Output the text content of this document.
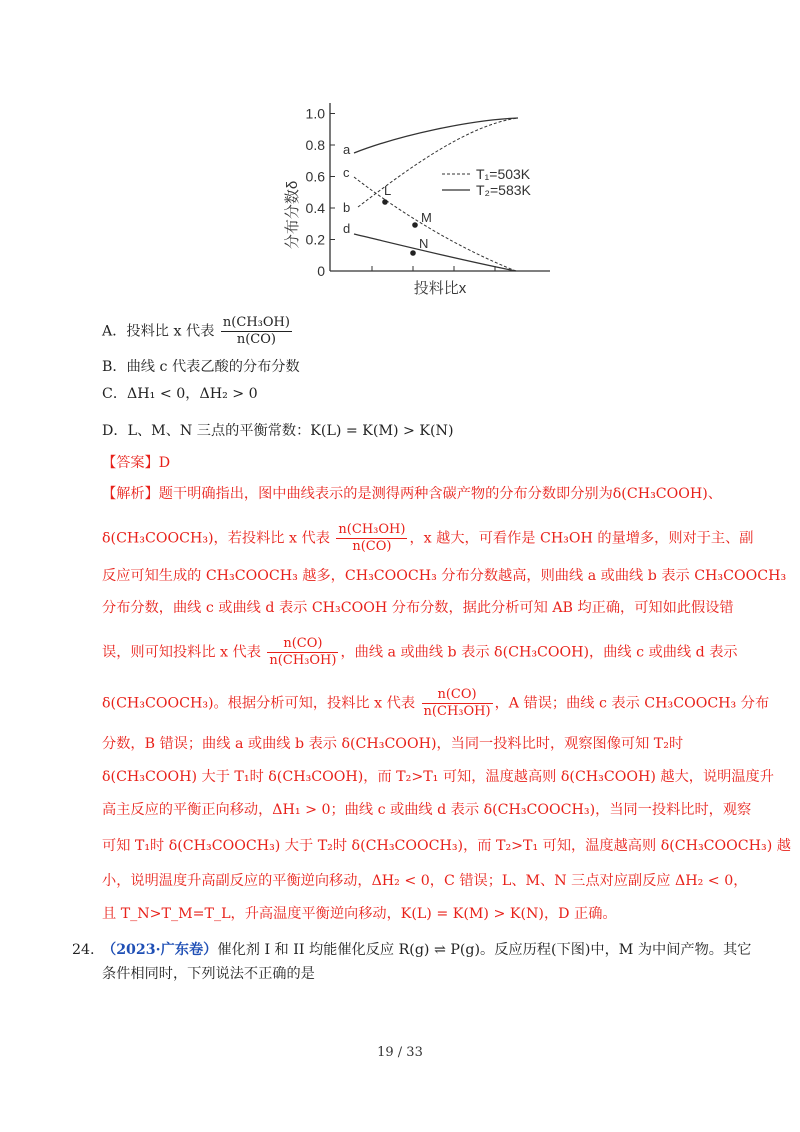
分布分数δ
0
0.2
0.4
0.6
0.8
1.0
投料比x
a
c
b
d
L
M
N
T₁=503K
T₂=583K
A．投料比 x 代表 $\frac{\text{n(CH₃OH)}}{n(CO)}$
B．曲线 c 代表乙酸的分布分数
C．ΔH₁ < 0，ΔH₂ > 0
D．L、M、N 三点的平衡常数：K(L) = K(M) > K(N)
【答案】D
【解析】题干明确指出，图中曲线表示的是测得两种含碳产物的分布分数即分别为δ(CH₃COOH)、
δ(CH₃COOCH₃)，若投料比 x 代表 $\frac{\text{n(CH₃OH)}}{n(CO)}$ ，x 越大，可看作是 CH₃OH 的量增多，则对于主、副
反应可知生成的 CH₃COOCH₃ 越多，CH₃COOCH₃ 分布分数越高，则曲线 a 或曲线 b 表示 CH₃COOCH₃
分布分数，曲线 c 或曲线 d 表示 CH₃COOH 分布分数，据此分析可知 AB 均正确，可知如此假设错
误，则可知投料比 x 代表 $\frac{n(CO)}{\text{n(CH₃OH)}}$ ，曲线 a 或曲线 b 表示 δ(CH₃COOH)，曲线 c 或曲线 d 表示
δ(CH₃COOCH₃)。根据分析可知，投料比 x 代表 $\frac{n(CO)}{\text{n(CH₃OH)}}$ ，A 错误；曲线 c 表示 CH₃COOCH₃ 分布
分数，B 错误；曲线 a 或曲线 b 表示 δ(CH₃COOH)，当同一投料比时，观察图像可知 T₂时
δ(CH₃COOH) 大于 T₁时 δ(CH₃COOH)，而 T₂>T₁ 可知，温度越高则 δ(CH₃COOH) 越大，说明温度升
高主反应的平衡正向移动，ΔH₁ > 0；曲线 c 或曲线 d 表示 δ(CH₃COOCH₃)，当同一投料比时，观察
可知 T₁时 δ(CH₃COOCH₃) 大于 T₂时 δ(CH₃COOCH₃)，而 T₂>T₁ 可知，温度越高则 δ(CH₃COOCH₃) 越
小，说明温度升高副反应的平衡逆向移动，ΔH₂ < 0，C 错误；L、M、N 三点对应副反应 ΔH₂ < 0，
且 T_N>T_M=T_L，升高温度平衡逆向移动，K(L) = K(M) > K(N)，D 正确。
24. （2023·广东卷）催化剂 I 和 II 均能催化反应 R(g) ⇌ P(g)。反应历程(下图)中，M 为中间产物。其它
条件相同时，下列说法不正确的是
19 / 33
